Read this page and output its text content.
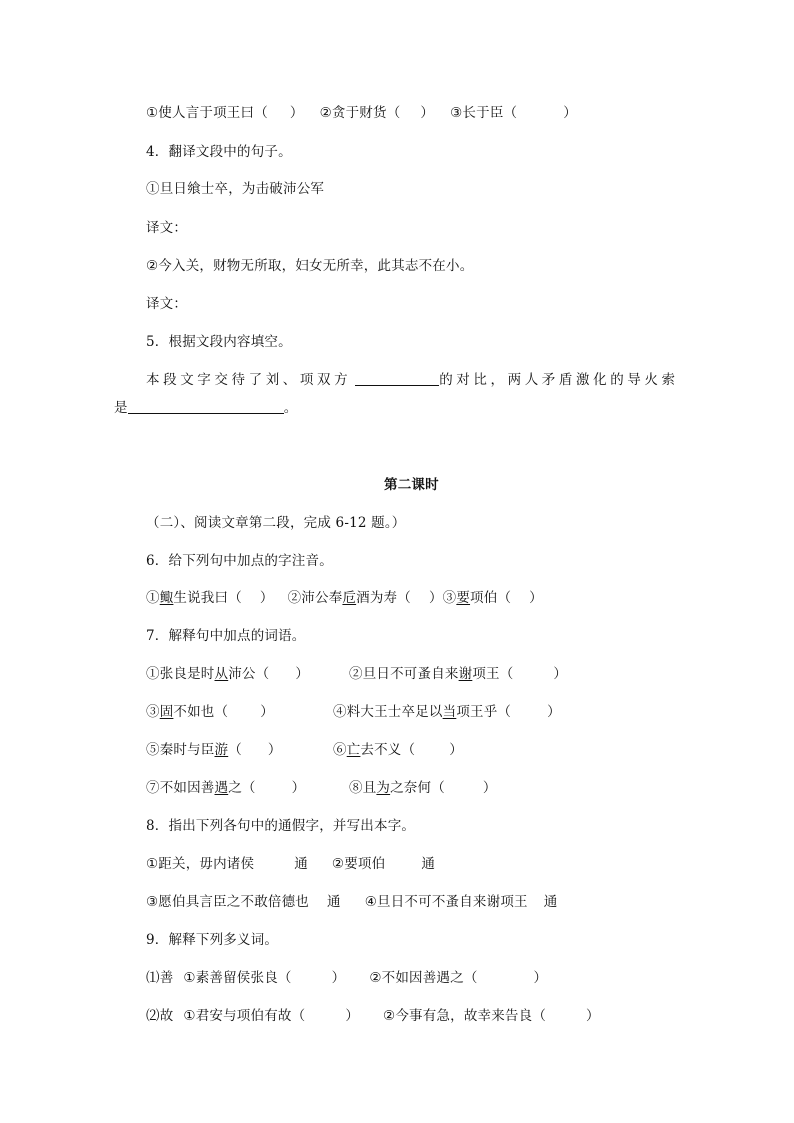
①使人言于项王曰（ ） ②贪于财货（ ） ③长于臣（	）
4．翻译文段中的句子。
①旦日飨士卒，为击破沛公军
译文：
②今入关，财物无所取，妇女无所幸，此其志不在小。
译文：
5．根据文段内容填空。
本段文字交待了刘、项双方	的对比，两人矛盾激化的导火索
是	。
第二课时
（二）、阅读文章第二段，完成 6-12 题。）
6．给下列句中加点的字注音。
①鲰生说我曰（ ） ②沛公奉卮酒为寿（ ）③要项伯（ ）
7．解释句中加点的词语。
①张良是时从沛公（ ）	②旦日不可蚤自来谢项王（	）
③固不如也（ ）	④料大王士卒足以当项王乎（	）
⑤秦时与臣游（ ）	⑥亡去不义（	）
⑦不如因善遇之（	）	⑧且为之奈何（	）
8．指出下列各句中的通假字，并写出本字。
①距关，毋内诸侯	通 ②要项伯	通
③愿伯具言臣之不敢倍德也 通 ④旦日不可不蚤自来谢项王 通
9．解释下列多义词。
⑴善 ①素善留侯张良（	） ②不如因善遇之（	）
⑵故 ①君安与项伯有故（	） ②今事有急，故幸来告良（	）
